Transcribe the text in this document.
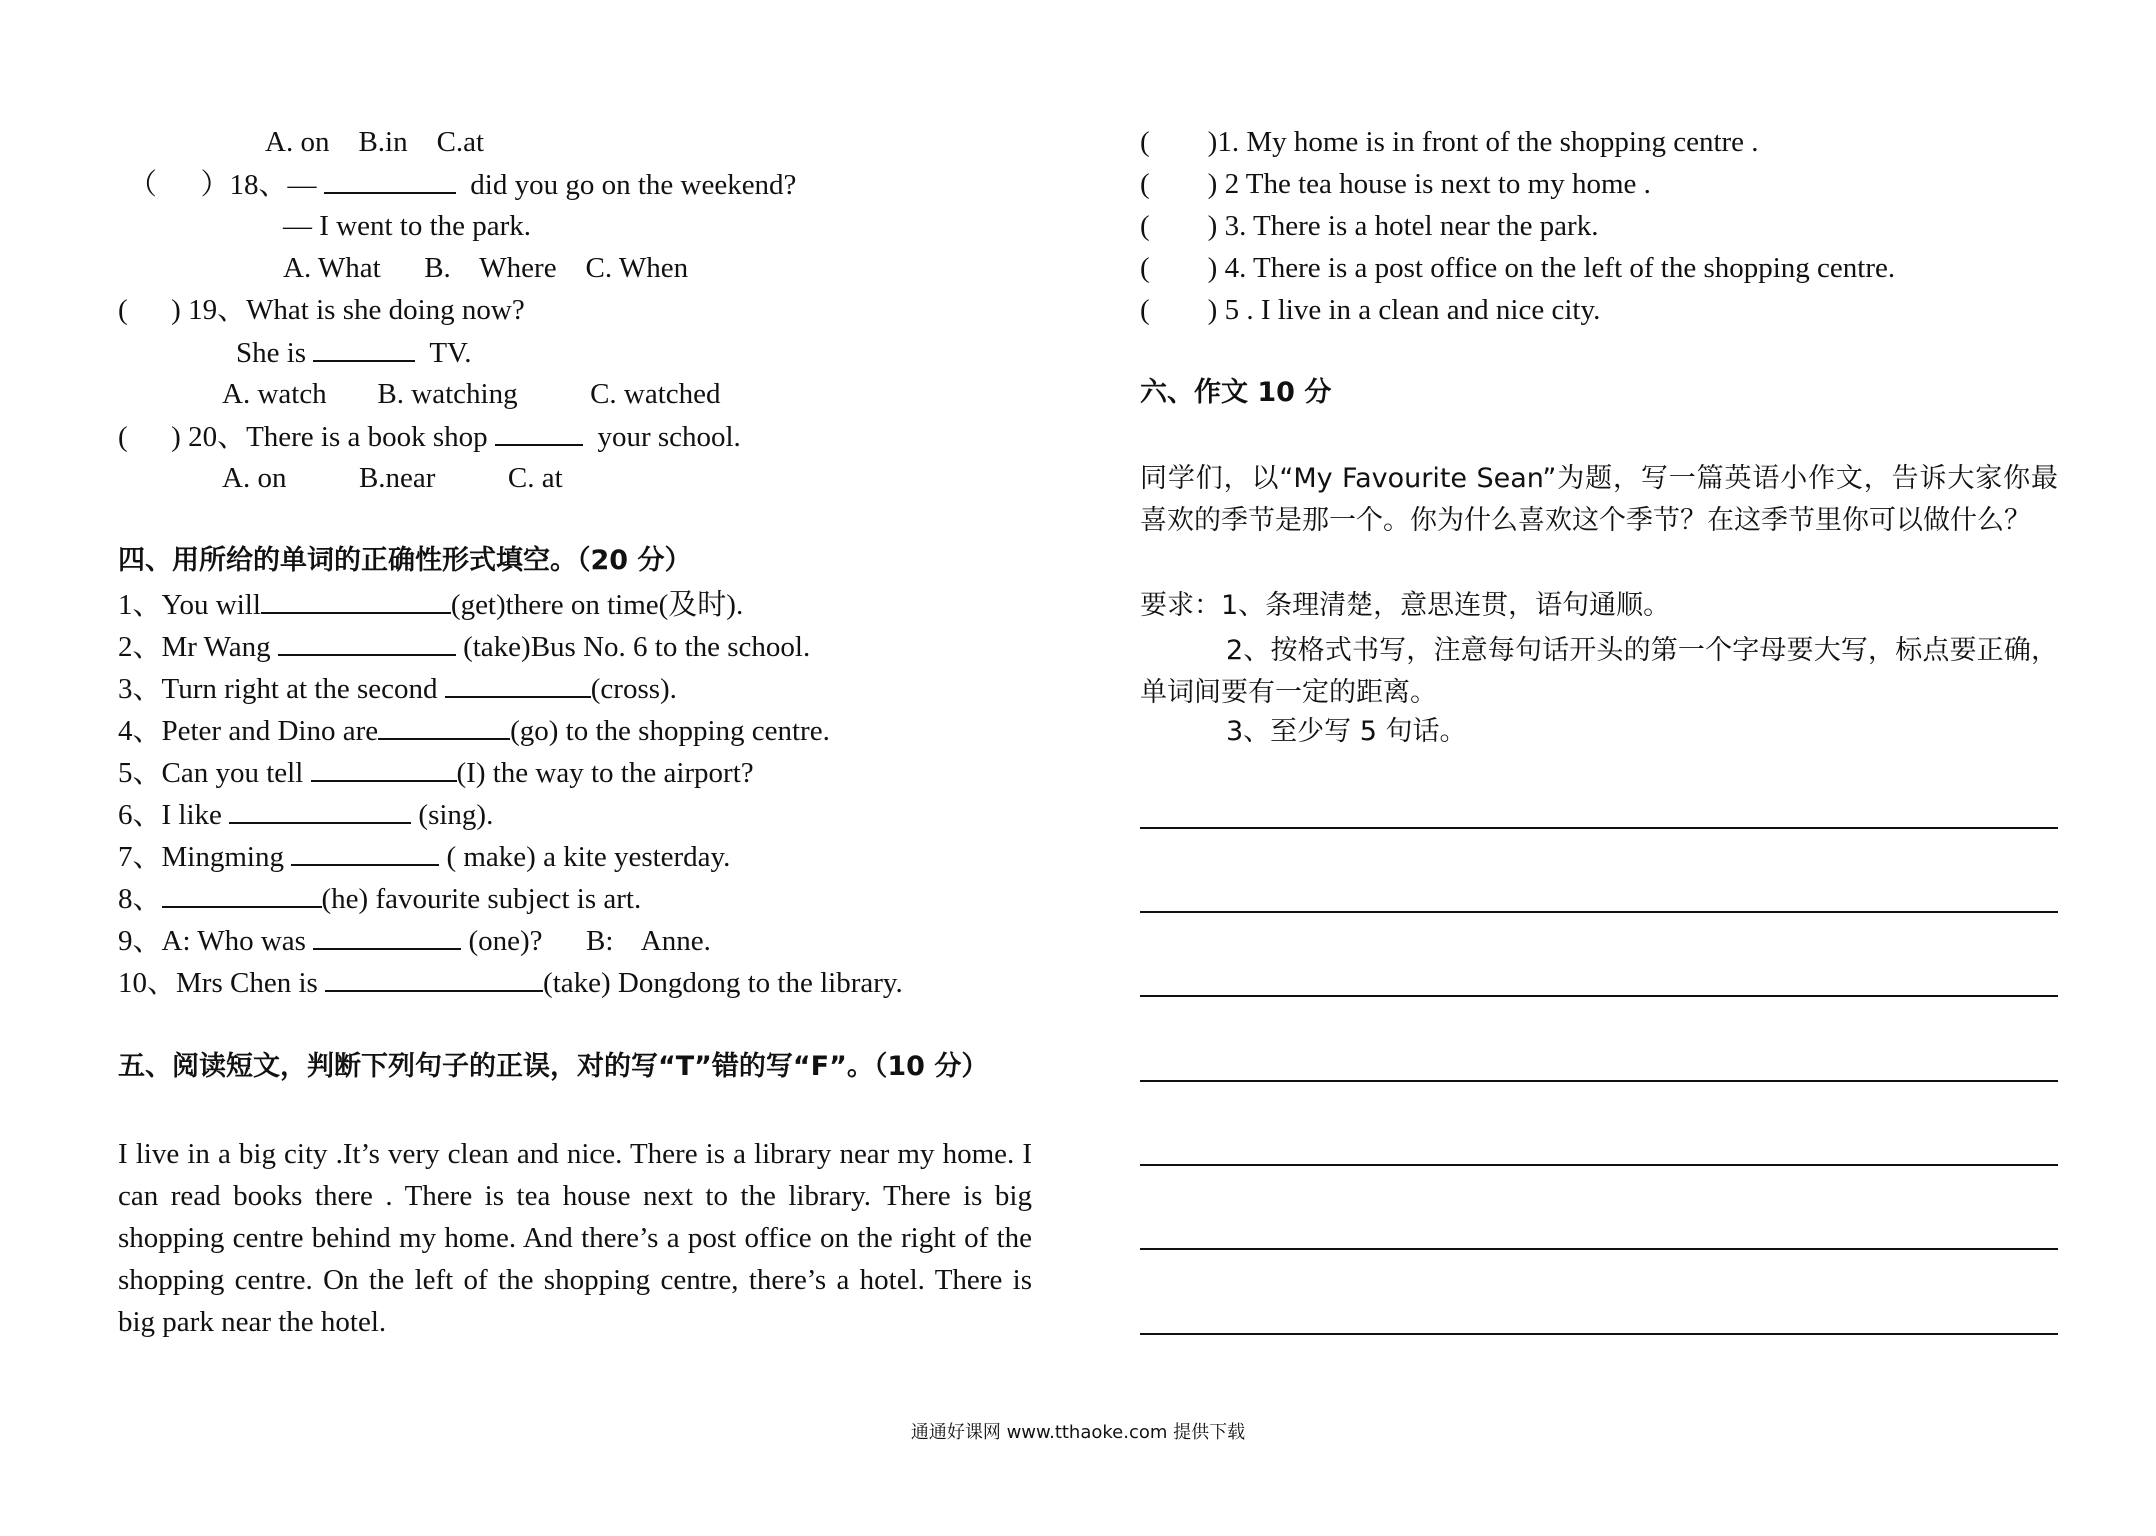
A. on    B.in    C.at
（      ）18、—	did you go on the weekend?
— I went to the park.
A. What      B.    Where    C. When
(      ) 19、What is she doing now?
She is	TV.
A. watch       B. watching          C. watched
(      ) 20、There is a book shop	your school.
A. on          B.near          C. at
四、用所给的单词的正确性形式填空。（20 分）
1、You will	(get)there on time(及时).
2、Mr Wang	(take)Bus No. 6 to the school.
3、Turn right at the second	(cross).
4、Peter and Dino are	(go) to the shopping centre.
5、Can you tell	(I) the way to the airport?
6、I like	(sing).
7、Mingming	( make) a kite yesterday.
8、	(he) favourite subject is art.
9、A: Who was	(one)?      B:    Anne.
10、Mrs Chen is	(take) Dongdong to the library.
五、阅读短文，判断下列句子的正误，对的写“T”错的写“F”。（10 分）
I live in a big city .It’s very clean and nice. There is a library near my home. I can read books there . There is tea house next to the library. There is big shopping centre behind my home. And there’s a post office on the right of the shopping centre. On the left of the shopping centre, there’s a hotel. There is big park near the hotel.
(        )1. My home is in front of the shopping centre .
(        ) 2 The tea house is next to my home .
(        ) 3. There is a hotel near the park.
(        ) 4. There is a post office on the left of the shopping centre.
(        ) 5 . I live in a clean and nice city.
六、作文 10 分
同学们，以“My Favourite Sean”为题，写一篇英语小作文，告诉大家你最喜欢的季节是那一个。你为什么喜欢这个季节？在这季节里你可以做什么？
要求：1、条理清楚，意思连贯，语句通顺。
2、按格式书写，注意每句话开头的第一个字母要大写，标点要正确，单词间要有一定的距离。
3、至少写 5 句话。
通通好课网 www.tthaoke.com 提供下载
